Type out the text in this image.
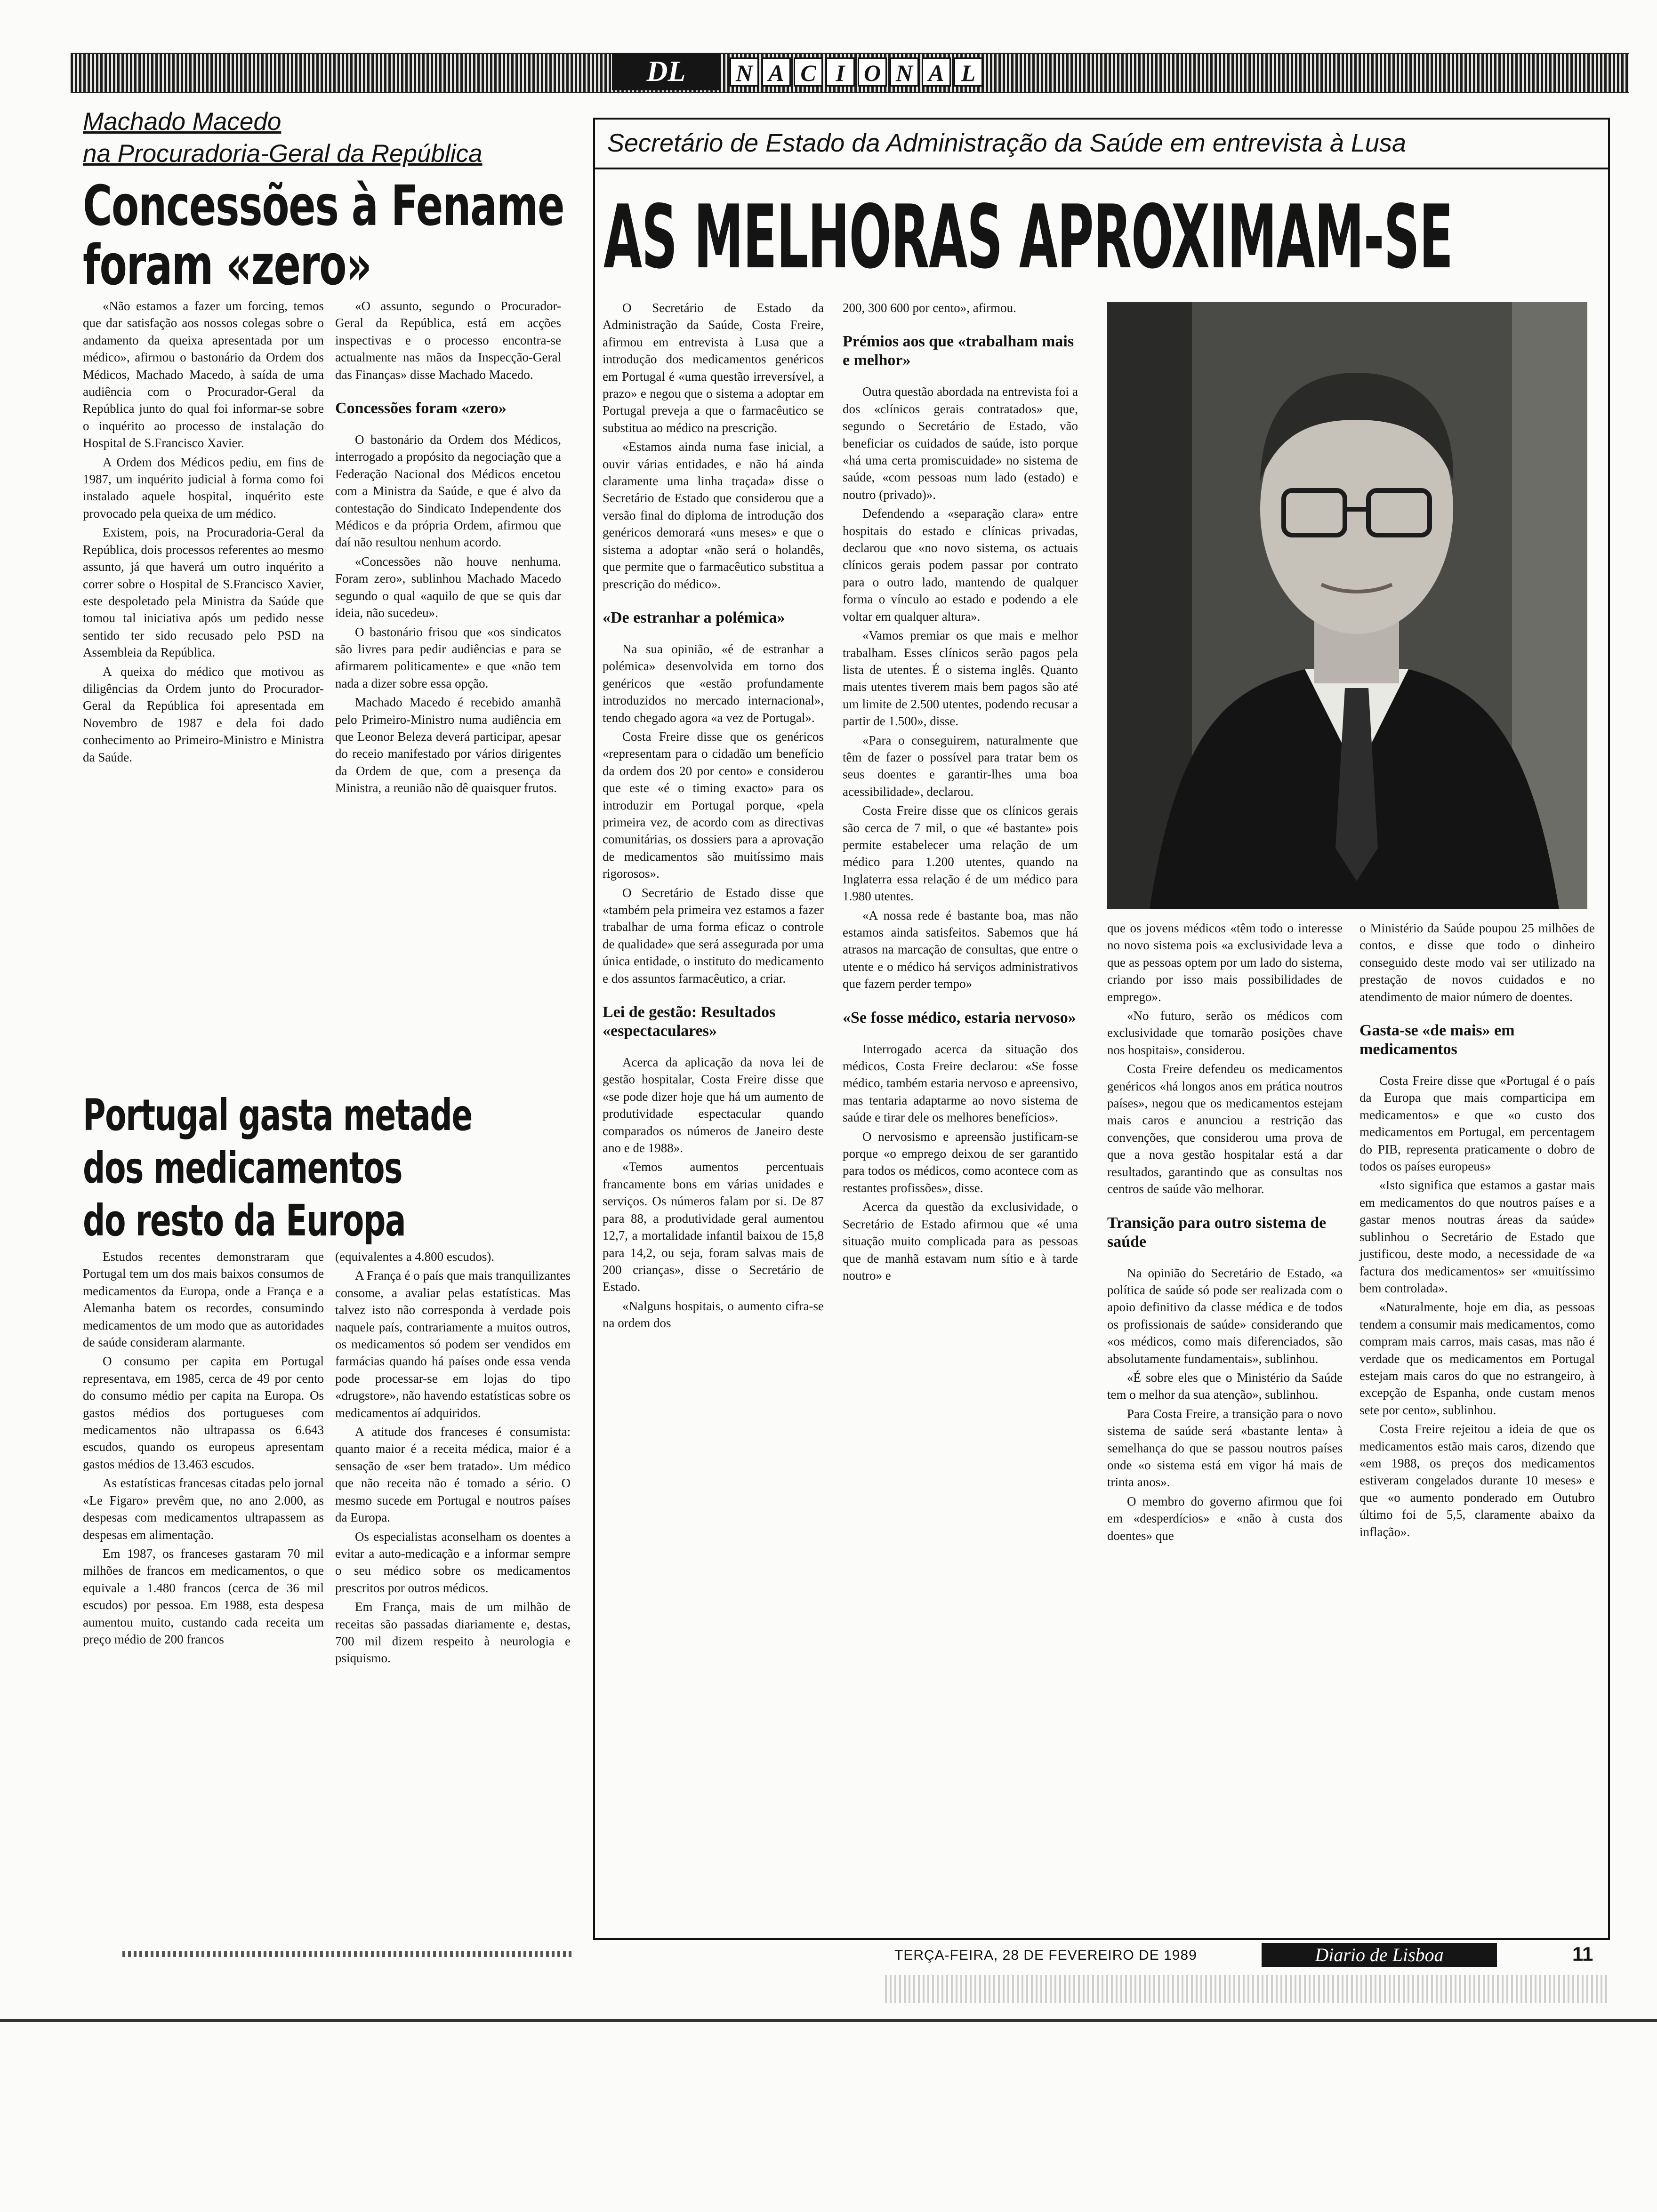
DL	N A C I O N A L
Machado Macedo
na Procuradoria-Geral da República
Concessões à Fename
foram «zero»

«Não estamos a fazer um forcing, temos que dar satisfação aos nossos colegas sobre o andamento da queixa apresentada por um médico», afirmou o bastonário da Ordem dos Médicos, Machado Macedo, à saída de uma audiência com o Procurador-Geral da República junto do qual foi informar-se sobre o inquérito ao processo de instalação do Hospital de S.Francisco Xavier.

A Ordem dos Médicos pediu, em fins de 1987, um inquérito judicial à forma como foi instalado aquele hospital, inquérito este provocado pela queixa de um médico.

Existem, pois, na Procuradoria-Geral da República, dois processos referentes ao mesmo assunto, já que haverá um outro inquérito a correr sobre o Hospital de S.Francisco Xavier, este despoletado pela Ministra da Saúde que tomou tal iniciativa após um pedido nesse sentido ter sido recusado pelo PSD na Assembleia da República.

A queixa do médico que motivou as diligências da Ordem junto do Procurador-Geral da República foi apresentada em Novembro de 1987 e dela foi dado conhecimento ao Primeiro-Ministro e Ministra da Saúde.

«O assunto, segundo o Procurador-Geral da República, está em acções inspectivas e o processo encontra-se actualmente nas mãos da Inspecção-Geral das Finanças» disse Machado Macedo.

Concessões foram «zero»

O bastonário da Ordem dos Médicos, interrogado a propósito da negociação que a Federação Nacional dos Médicos encetou com a Ministra da Saúde, e que é alvo da contestação do Sindicato Independente dos Médicos e da própria Ordem, afirmou que daí não resultou nenhum acordo.

«Concessões não houve nenhuma. Foram zero», sublinhou Machado Macedo segundo o qual «aquilo de que se quis dar ideia, não sucedeu».

O bastonário frisou que «os sindicatos são livres para pedir audiências e para se afirmarem politicamente» e que «não tem nada a dizer sobre essa opção.

Machado Macedo é recebido amanhã pelo Primeiro-Ministro numa audiência em que Leonor Beleza deverá participar, apesar do receio manifestado por vários dirigentes da Ordem de que, com a presença da Ministra, a reunião não dê quaisquer frutos.

Portugal gasta metade
dos medicamentos
do resto da Europa

Estudos recentes demonstraram que Portugal tem um dos mais baixos consumos de medicamentos da Europa, onde a França e a Alemanha batem os recordes, consumindo medicamentos de um modo que as autoridades de saúde consideram alarmante.

O consumo per capita em Portugal representava, em 1985, cerca de 49 por cento do consumo médio per capita na Europa. Os gastos médios dos portugueses com medicamentos não ultrapassa os 6.643 escudos, quando os europeus apresentam gastos médios de 13.463 escudos.

As estatísticas francesas citadas pelo jornal «Le Figaro» prevêm que, no ano 2.000, as despesas com medicamentos ultrapassem as despesas em alimentação.

Em 1987, os franceses gastaram 70 mil milhões de francos em medicamentos, o que equivale a 1.480 francos (cerca de 36 mil escudos) por pessoa. Em 1988, esta despesa aumentou muito, custando cada receita um preço médio de 200 francos

(equivalentes a 4.800 escudos).

A França é o país que mais tranquilizantes consome, a avaliar pelas estatísticas. Mas talvez isto não corresponda à verdade pois naquele país, contrariamente a muitos outros, os medicamentos só podem ser vendidos em farmácias quando há países onde essa venda pode processar-se em lojas do tipo «drugstore», não havendo estatísticas sobre os medicamentos aí adquiridos.

A atitude dos franceses é consumista: quanto maior é a receita médica, maior é a sensação de «ser bem tratado». Um médico que não receita não é tomado a sério. O mesmo sucede em Portugal e noutros países da Europa.

Os especialistas aconselham os doentes a evitar a auto-medicação e a informar sempre o seu médico sobre os medicamentos prescritos por outros médicos.

Em França, mais de um milhão de receitas são passadas diariamente e, destas, 700 mil dizem respeito à neurologia e psiquismo.

Secretário de Estado da Administração da Saúde em entrevista à Lusa
AS MELHORAS APROXIMAM-SE

O Secretário de Estado da Administração da Saúde, Costa Freire, afirmou em entrevista à Lusa que a introdução dos medicamentos genéricos em Portugal é «uma questão irreversível, a prazo» e negou que o sistema a adoptar em Portugal preveja a que o farmacêutico se substitua ao médico na prescrição.

«Estamos ainda numa fase inicial, a ouvir várias entidades, e não há ainda claramente uma linha traçada» disse o Secretário de Estado que considerou que a versão final do diploma de introdução dos genéricos demorará «uns meses» e que o sistema a adoptar «não será o holandês, que permite que o farmacêutico substitua a prescrição do médico».

«De estranhar a polémica»

Na sua opinião, «é de estranhar a polémica» desenvolvida em torno dos genéricos que «estão profundamente introduzidos no mercado internacional», tendo chegado agora «a vez de Portugal».

Costa Freire disse que os genéricos «representam para o cidadão um benefício da ordem dos 20 por cento» e considerou que este «é o timing exacto» para os introduzir em Portugal porque, «pela primeira vez, de acordo com as directivas comunitárias, os dossiers para a aprovação de medicamentos são muitíssimo mais rigorosos».

O Secretário de Estado disse que «também pela primeira vez estamos a fazer trabalhar de uma forma eficaz o controle de qualidade» que será assegurada por uma única entidade, o instituto do medicamento e dos assuntos farmacêutico, a criar.

Lei de gestão: Resultados «espectaculares»

Acerca da aplicação da nova lei de gestão hospitalar, Costa Freire disse que «se pode dizer hoje que há um aumento de produtividade espectacular quando comparados os números de Janeiro deste ano e de 1988».

«Temos aumentos percentuais francamente bons em várias unidades e serviços. Os números falam por si. De 87 para 88, a produtividade geral aumentou 12,7, a mortalidade infantil baixou de 15,8 para 14,2, ou seja, foram salvas mais de 200 crianças», disse o Secretário de Estado.

«Nalguns hospitais, o aumento cifra-se na ordem dos

200, 300 600 por cento», afirmou.

Prémios aos que «trabalham mais e melhor»

Outra questão abordada na entrevista foi a dos «clínicos gerais contratados» que, segundo o Secretário de Estado, vão beneficiar os cuidados de saúde, isto porque «há uma certa promiscuidade» no sistema de saúde, «com pessoas num lado (estado) e noutro (privado)».

Defendendo a «separação clara» entre hospitais do estado e clínicas privadas, declarou que «no novo sistema, os actuais clínicos gerais podem passar por contrato para o outro lado, mantendo de qualquer forma o vínculo ao estado e podendo a ele voltar em qualquer altura».

«Vamos premiar os que mais e melhor trabalham. Esses clínicos serão pagos pela lista de utentes. É o sistema inglês. Quanto mais utentes tiverem mais bem pagos são até um limite de 2.500 utentes, podendo recusar a partir de 1.500», disse.

«Para o conseguirem, naturalmente que têm de fazer o possível para tratar bem os seus doentes e garantir-lhes uma boa acessibilidade», declarou.

Costa Freire disse que os clínicos gerais são cerca de 7 mil, o que «é bastante» pois permite estabelecer uma relação de um médico para 1.200 utentes, quando na Inglaterra essa relação é de um médico para 1.980 utentes.

«A nossa rede é bastante boa, mas não estamos ainda satisfeitos. Sabemos que há atrasos na marcação de consultas, que entre o utente e o médico há serviços administrativos que fazem perder tempo»

«Se fosse médico, estaria nervoso»

Interrogado acerca da situação dos médicos, Costa Freire declarou: «Se fosse médico, também estaria nervoso e apreensivo, mas tentaria adaptarme ao novo sistema de saúde e tirar dele os melhores benefícios».

O nervosismo e apreensão justificam-se porque «o emprego deixou de ser garantido para todos os médicos, como acontece com as restantes profissões», disse.

Acerca da questão da exclusividade, o Secretário de Estado afirmou que «é uma situação muito complicada para as pessoas que de manhã estavam num sítio e à tarde noutro» e

que os jovens médicos «têm todo o interesse no novo sistema pois «a exclusividade leva a que as pessoas optem por um lado do sistema, criando por isso mais possibilidades de emprego».

«No futuro, serão os médicos com exclusividade que tomarão posições chave nos hospitais», considerou.

Costa Freire defendeu os medicamentos genéricos «há longos anos em prática noutros países», negou que os medicamentos estejam mais caros e anunciou a restrição das convenções, que considerou uma prova de que a nova gestão hospitalar está a dar resultados, garantindo que as consultas nos centros de saúde vão melhorar.

Transição para outro sistema de saúde

Na opinião do Secretário de Estado, «a política de saúde só pode ser realizada com o apoio definitivo da classe médica e de todos os profissionais de saúde» considerando que «os médicos, como mais diferenciados, são absolutamente fundamentais», sublinhou.

«É sobre eles que o Ministério da Saúde tem o melhor da sua atenção», sublinhou.

Para Costa Freire, a transição para o novo sistema de saúde será «bastante lenta» à semelhança do que se passou noutros países onde «o sistema está em vigor há mais de trinta anos».

O membro do governo afirmou que foi em «desperdícios» e «não à custa dos doentes» que

o Ministério da Saúde poupou 25 milhões de contos, e disse que todo o dinheiro conseguido deste modo vai ser utilizado na prestação de novos cuidados e no atendimento de maior número de doentes.

Gasta-se «de mais» em medicamentos

Costa Freire disse que «Portugal é o país da Europa que mais comparticipa em medicamentos» e que «o custo dos medicamentos em Portugal, em percentagem do PIB, representa praticamente o dobro de todos os países europeus»

«Isto significa que estamos a gastar mais em medicamentos do que noutros países e a gastar menos noutras áreas da saúde» sublinhou o Secretário de Estado que justificou, deste modo, a necessidade de «a factura dos medicamentos» ser «muitíssimo bem controlada».

«Naturalmente, hoje em dia, as pessoas tendem a consumir mais medicamentos, como compram mais carros, mais casas, mas não é verdade que os medicamentos em Portugal estejam mais caros do que no estrangeiro, à excepção de Espanha, onde custam menos sete por cento», sublinhou.

Costa Freire rejeitou a ideia de que os medicamentos estão mais caros, dizendo que «em 1988, os preços dos medicamentos estiveram congelados durante 10 meses» e que «o aumento ponderado em Outubro último foi de 5,5, claramente abaixo da inflação».

TERÇA-FEIRA, 28 DE FEVEREIRO DE 1989	Diario de Lisboa	11
